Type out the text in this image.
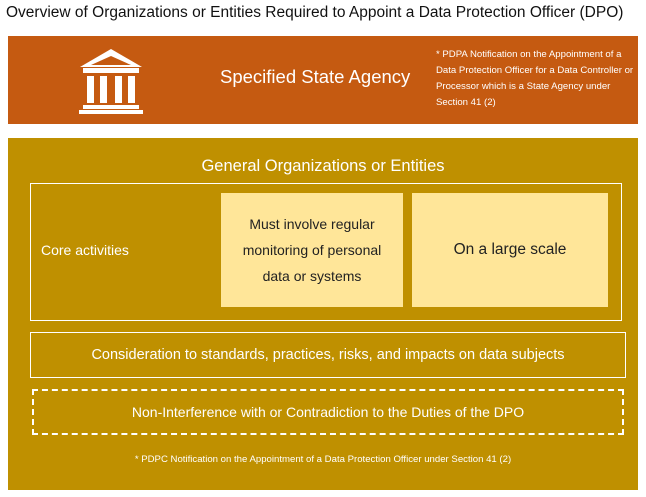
Overview of Organizations or Entities Required to Appoint a Data Protection Officer (DPO)
Specified State Agency
* PDPA Notification on the Appointment of a Data Protection Officer for a Data Controller or Processor which is a State Agency under Section 41 (2)
General Organizations or Entities
Core activities
Must involve regular monitoring of personal data or systems
On a large scale
Consideration to standards, practices, risks, and impacts on data subjects
Non-Interference with or Contradiction to the Duties of the DPO
* PDPC Notification on the Appointment of a Data Protection Officer under Section 41 (2)
